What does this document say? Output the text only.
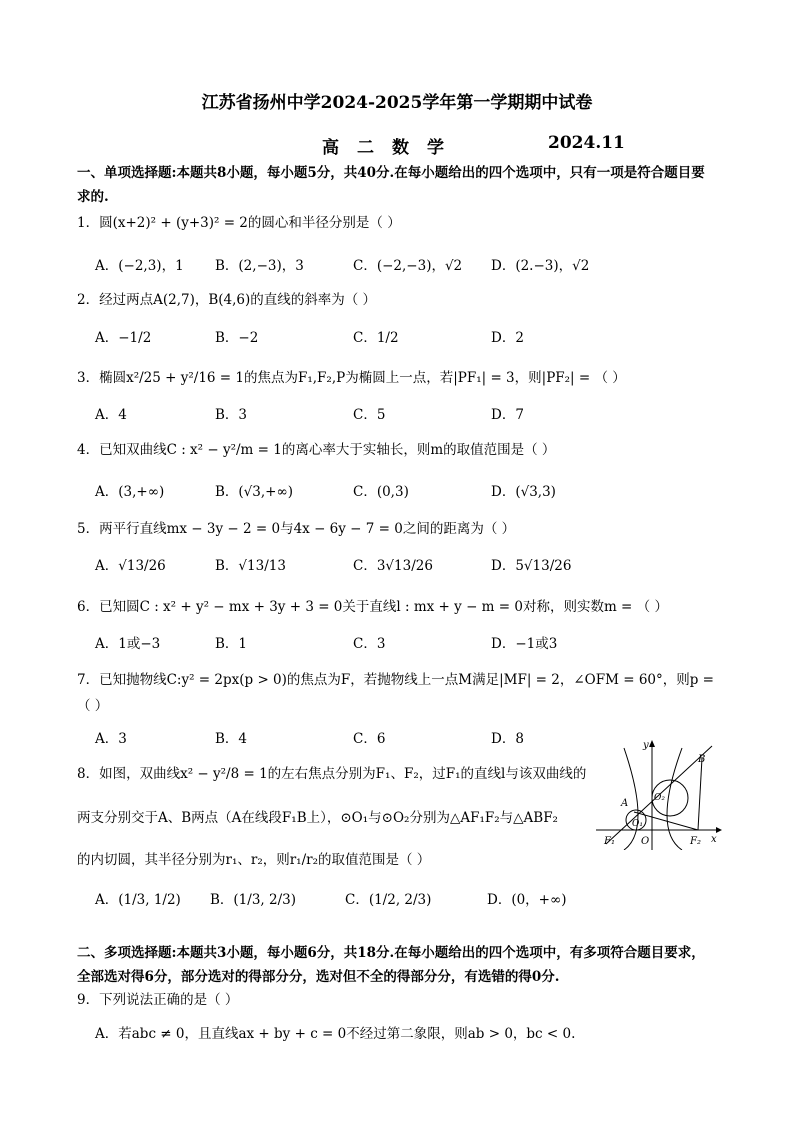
江苏省扬州中学2024-2025学年第一学期期中试卷
高二数学	2024.11
一、单项选择题:本题共8小题，每小题5分，共40分.在每小题给出的四个选项中，只有一项是符合题目要求的.
1．圆(x+2)² + (y+3)² = 2的圆心和半径分别是（ ）
A．(−2,3)，1 B．(2,−3)，3	C．(−2,−3)，√2 D．(2.−3)，√2
2．经过两点A(2,7)，B(4,6)的直线的斜率为（ ）
A．−1/2	B．−2	C．1/2	D．2
3．椭圆x²/25 + y²/16 = 1的焦点为F₁,F₂,P为椭圆上一点，若|PF₁| = 3，则|PF₂| = （ ）
A．4	B．3	C．5	D．7
4．已知双曲线C : x² − y²/m = 1的离心率大于实轴长，则m的取值范围是（ ）
A．(3,+∞)	B．(√3,+∞)	C．(0,3)	D．(√3,3)
5．两平行直线mx − 3y − 2 = 0与4x − 6y − 7 = 0之间的距离为（ ）
A．√13/26	B．√13/13	C．3√13/26	D．5√13/26
6．已知圆C : x² + y² − mx + 3y + 3 = 0关于直线l : mx + y − m = 0对称，则实数m = （ ）
A．1或−3	B．1	C．3	D．−1或3
7．已知抛物线C:y² = 2px(p > 0)的焦点为F，若抛物线上一点M满足|MF| = 2，∠OFM = 60°，则p =
（ ）
A．3	B．4	C．6	D．8
8．如图，双曲线x² − y²/8 = 1的左右焦点分别为F₁、F₂，过F₁的直线l与该双曲线的
两支分别交于A、B两点（A在线段F₁B上），⊙O₁与⊙O₂分别为△AF₁F₂与△ABF₂
的内切圆，其半径分别为r₁、r₂，则r₁/r₂的取值范围是（ ）
A．(1/3, 1/2) B．(1/3, 2/3)	C．(1/2, 2/3)	D．(0，+∞)
y
x
B
A
O₁
O₂
O
F₁	F₂
二、多项选择题:本题共3小题，每小题6分，共18分.在每小题给出的四个选项中，有多项符合题目要求，全部选对得6分，部分选对的得部分分，选对但不全的得部分分，有选错的得0分.
9．下列说法正确的是（ ）
A．若abc ≠ 0，且直线ax + by + c = 0不经过第二象限，则ab > 0，bc < 0.
